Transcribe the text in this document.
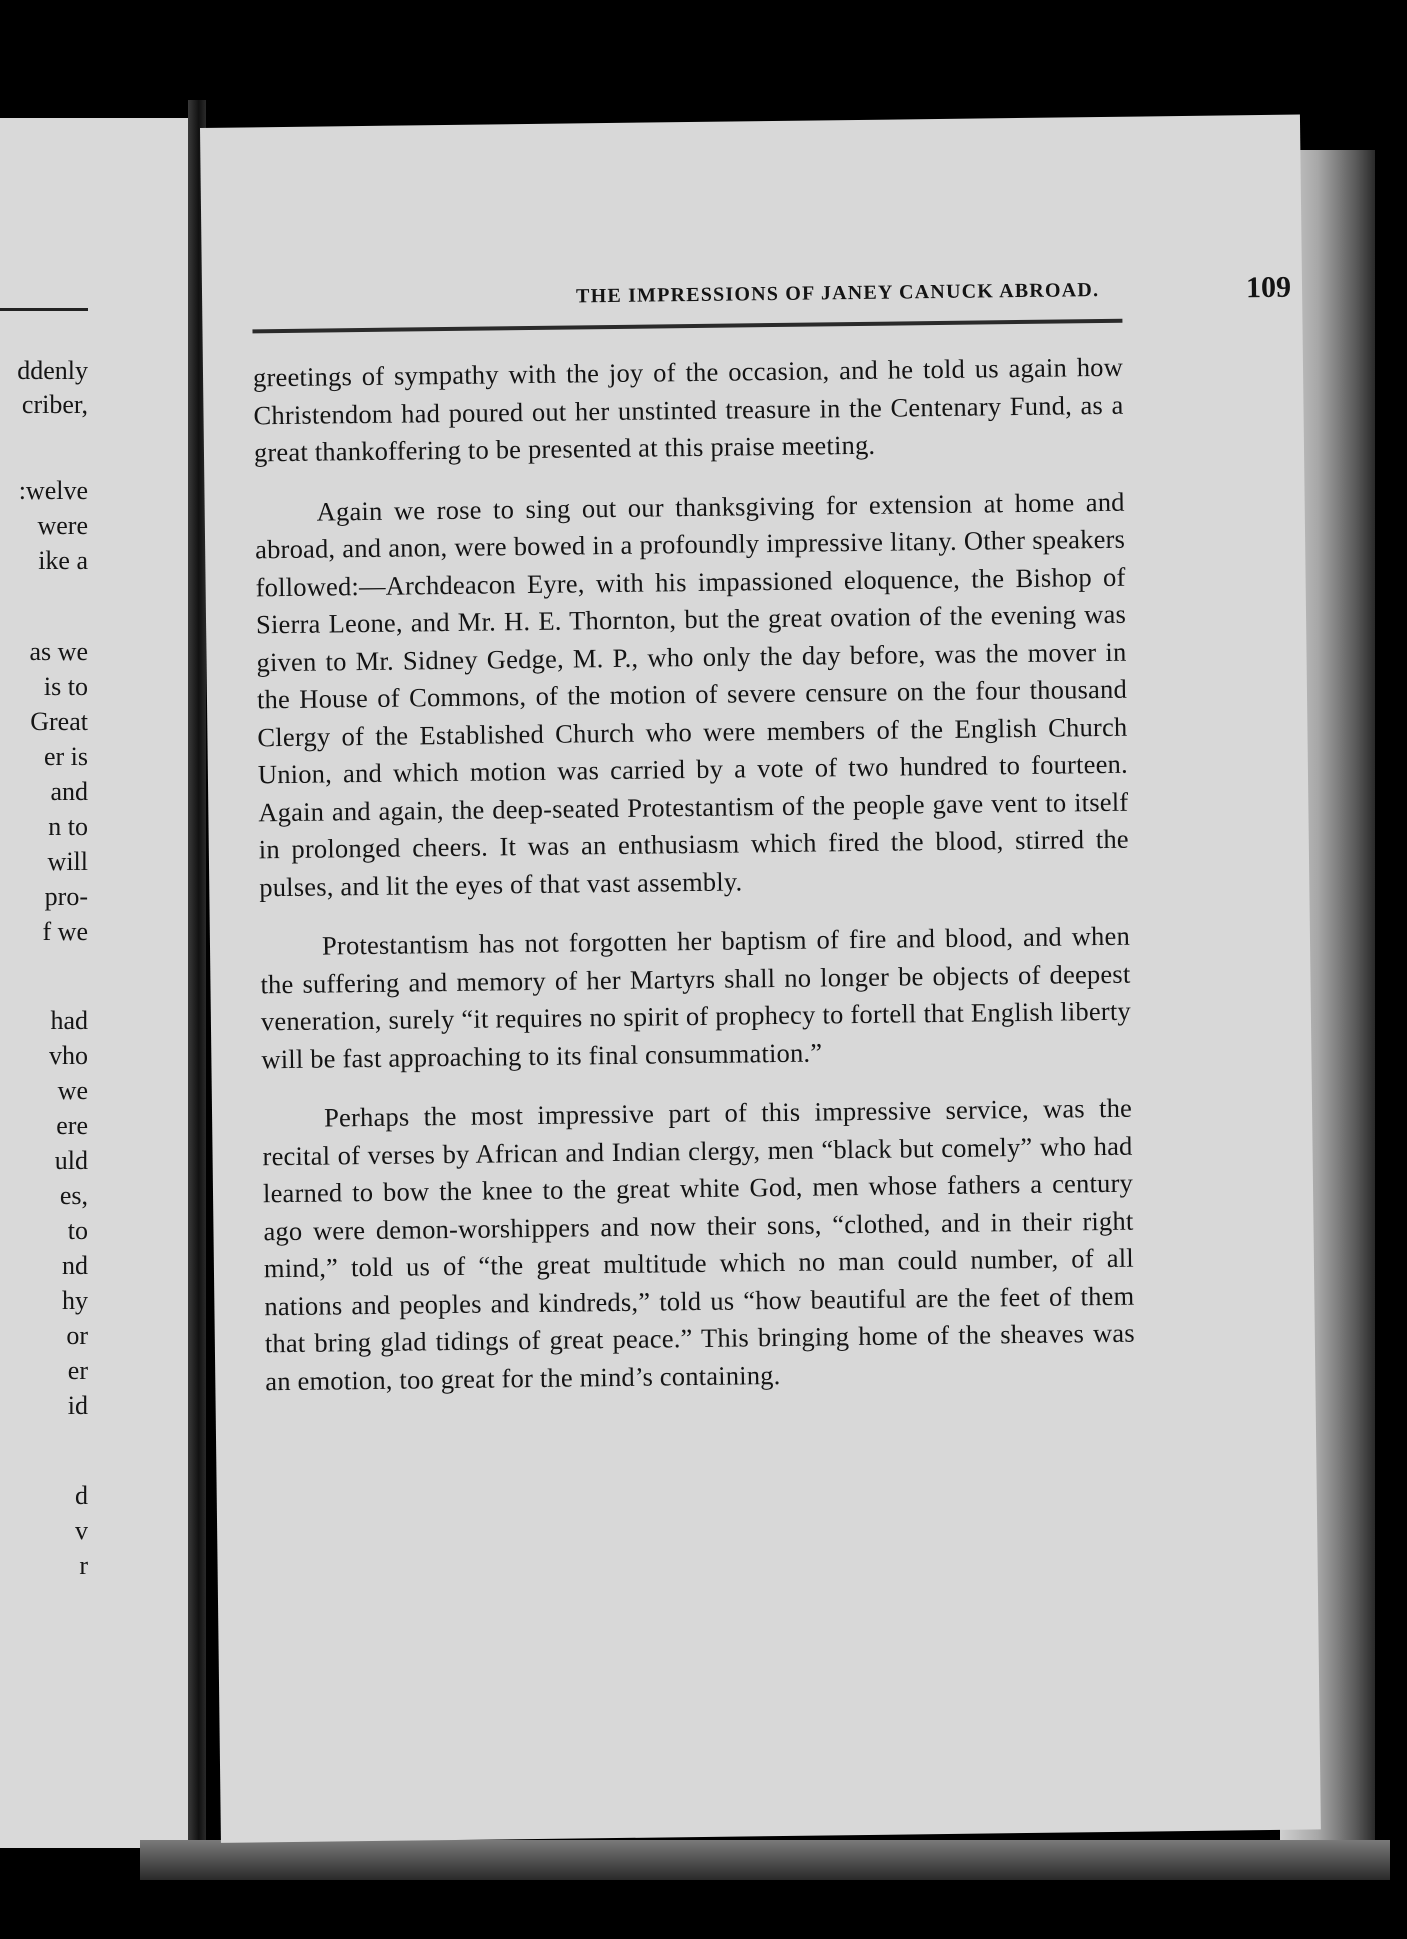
ddenly
criber,
:welve
were
ike a
as we
is to
Great
er is
and
n to
will
pro-
f we
had
vho
we
ere
uld
es,
to
nd
hy
or
er
id
d
v
r
THE IMPRESSIONS OF JANEY CANUCK ABROAD.	109

greetings of sympathy with the joy of the occasion, and he told us again how Christendom had poured out her unstinted treasure in the Centenary Fund, as a great thankoffering to be presented at this praise meeting.

Again we rose to sing out our thanksgiving for extension at home and abroad, and anon, were bowed in a profoundly impressive litany. Other speakers followed:—Archdeacon Eyre, with his impassioned eloquence, the Bishop of Sierra Leone, and Mr. H. E. Thornton, but the great ovation of the evening was given to Mr. Sidney Gedge, M. P., who only the day before, was the mover in the House of Commons, of the motion of severe censure on the four thousand Clergy of the Established Church who were members of the English Church Union, and which motion was carried by a vote of two hundred to fourteen. Again and again, the deep-seated Protestantism of the people gave vent to itself in prolonged cheers. It was an enthusiasm which fired the blood, stirred the pulses, and lit the eyes of that vast assembly.

Protestantism has not forgotten her baptism of fire and blood, and when the suffering and memory of her Martyrs shall no longer be objects of deepest veneration, surely “it requires no spirit of prophecy to fortell that English liberty will be fast approaching to its final consummation.”

Perhaps the most impressive part of this impressive service, was the recital of verses by African and Indian clergy, men “black but comely” who had learned to bow the knee to the great white God, men whose fathers a century ago were demon-worshippers and now their sons, “clothed, and in their right mind,” told us of “the great multitude which no man could number, of all nations and peoples and kindreds,” told us “how beautiful are the feet of them that bring glad tidings of great peace.” This bringing home of the sheaves was an emotion, too great for the mind’s containing.
